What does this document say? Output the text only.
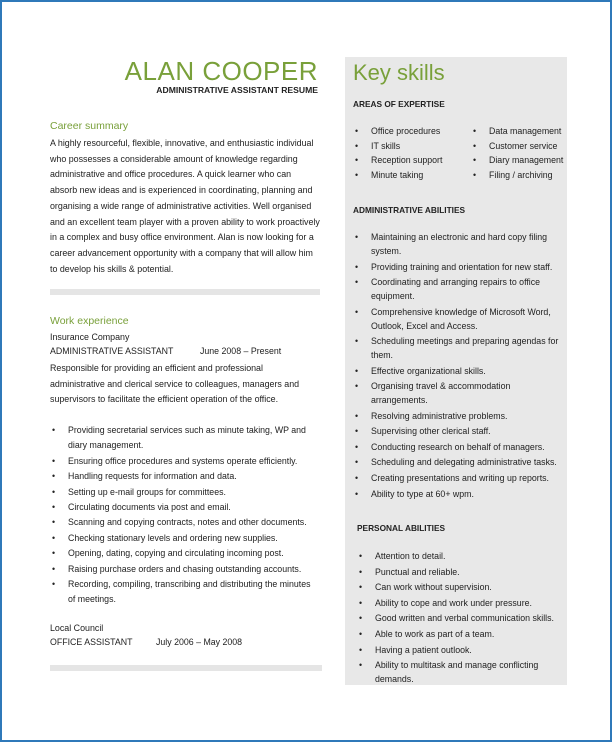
ALAN COOPER
ADMINISTRATIVE ASSISTANT RESUME
Career summary
A highly resourceful, flexible, innovative, and enthusiastic individual who possesses a considerable amount of knowledge regarding administrative and office procedures. A quick learner who can absorb new ideas and is experienced in coordinating, planning and organising a wide range of administrative activities. Well organised and an excellent team player with a proven ability to work proactively in a complex and busy office environment. Alan is now looking for a career advancement opportunity with a company that will allow him to develop his skills & potential.
Work experience
Insurance Company
ADMINISTRATIVE ASSISTANT	June 2008 – Present
Responsible for providing an efficient and professional administrative and clerical service to colleagues, managers and supervisors to facilitate the efficient operation of the office.
• Providing secretarial services such as minute taking, WP and diary management.
• Ensuring office procedures and systems operate efficiently.
• Handling requests for information and data.
• Setting up e-mail groups for committees.
• Circulating documents via post and email.
• Scanning and copying contracts, notes and other documents.
• Checking stationary levels and ordering new supplies.
• Opening, dating, copying and circulating incoming post.
• Raising purchase orders and chasing outstanding accounts.
• Recording, compiling, transcribing and distributing the minutes of meetings.
Local Council
OFFICE ASSISTANT	July 2006 – May 2008
Key skills
AREAS OF EXPERTISE
• Office procedures
• IT skills
• Reception support
• Minute taking
• Data management
• Customer service
• Diary management
• Filing / archiving
ADMINISTRATIVE ABILITIES
• Maintaining an electronic and hard copy filing system.
• Providing training and orientation for new staff.
• Coordinating and arranging repairs to office equipment.
• Comprehensive knowledge of Microsoft Word, Outlook, Excel and Access.
• Scheduling meetings and preparing agendas for them.
• Effective organizational skills.
• Organising travel & accommodation arrangements.
• Resolving administrative problems.
• Supervising other clerical staff.
• Conducting research on behalf of managers.
• Scheduling and delegating administrative tasks.
• Creating presentations and writing up reports.
• Ability to type at 60+ wpm.
PERSONAL ABILITIES
• Attention to detail.
• Punctual and reliable.
• Can work without supervision.
• Ability to cope and work under pressure.
• Good written and verbal communication skills.
• Able to work as part of a team.
• Having a patient outlook.
• Ability to multitask and manage conflicting demands.
